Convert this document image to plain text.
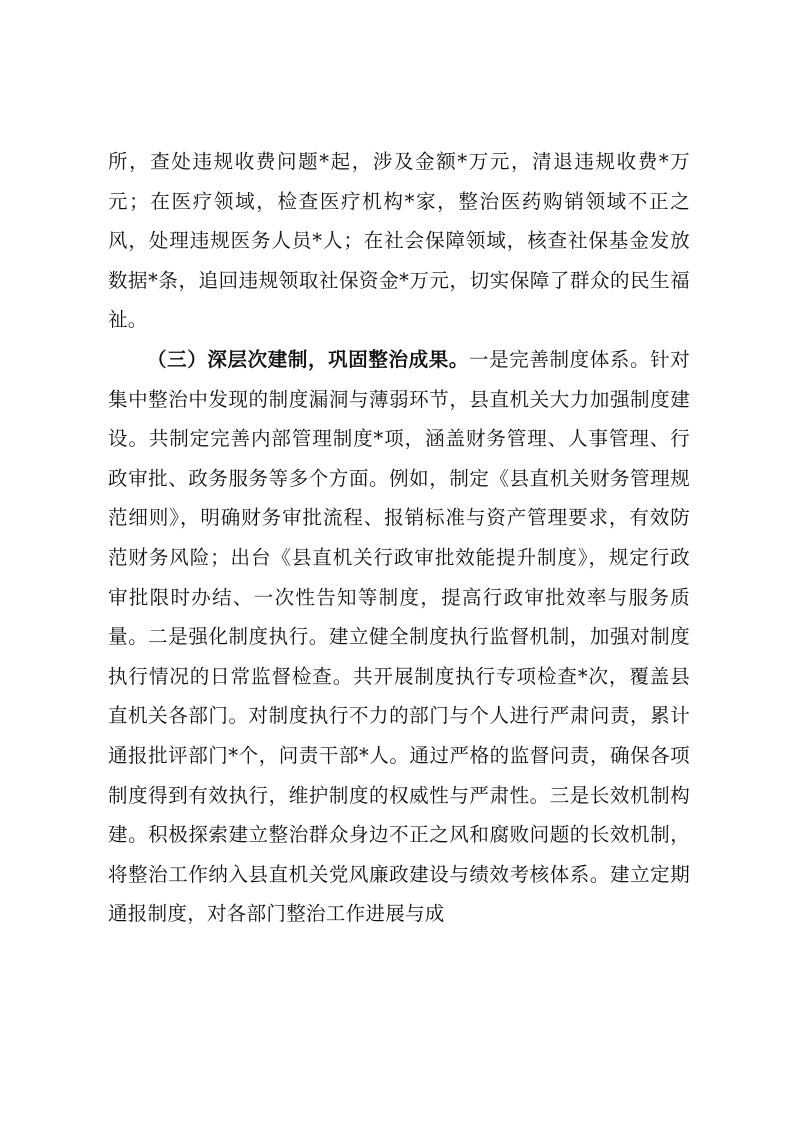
所，查处违规收费问题*起，涉及金额*万元，清退违规收费*万元；在医疗领域，检查医疗机构*家，整治医药购销领域不正之风，处理违规医务人员*人；在社会保障领域，核查社保基金发放数据*条，追回违规领取社保资金*万元，切实保障了群众的民生福祉。

（三）深层次建制，巩固整治成果。一是完善制度体系。针对集中整治中发现的制度漏洞与薄弱环节，县直机关大力加强制度建设。共制定完善内部管理制度*项，涵盖财务管理、人事管理、行政审批、政务服务等多个方面。例如，制定《县直机关财务管理规范细则》，明确财务审批流程、报销标准与资产管理要求，有效防范财务风险；出台《县直机关行政审批效能提升制度》，规定行政审批限时办结、一次性告知等制度，提高行政审批效率与服务质量。二是强化制度执行。建立健全制度执行监督机制，加强对制度执行情况的日常监督检查。共开展制度执行专项检查*次，覆盖县直机关各部门。对制度执行不力的部门与个人进行严肃问责，累计通报批评部门*个，问责干部*人。通过严格的监督问责，确保各项制度得到有效执行，维护制度的权威性与严肃性。三是长效机制构建。积极探索建立整治群众身边不正之风和腐败问题的长效机制，将整治工作纳入县直机关党风廉政建设与绩效考核体系。建立定期通报制度，对各部门整治工作进展与成
